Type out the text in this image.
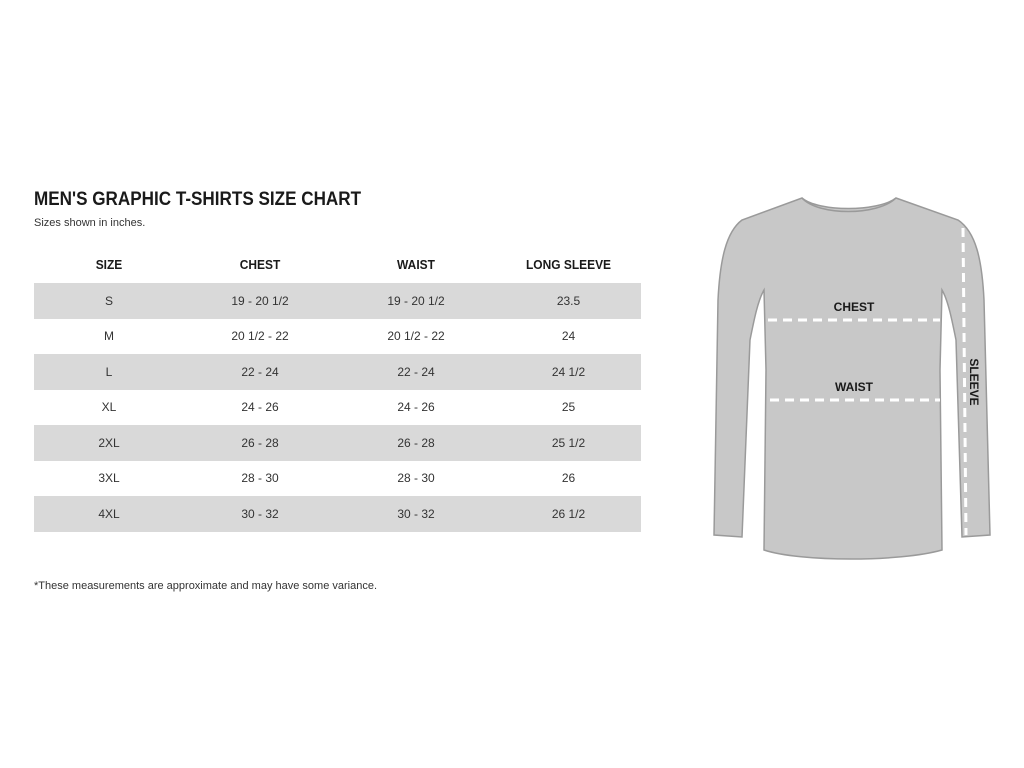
MEN'S GRAPHIC T-SHIRTS SIZE CHART
Sizes shown in inches.
SIZE	CHEST	WAIST	LONG SLEEVE
S	19 - 20 1/2	19 - 20 1/2	23.5
M	20 1/2 - 22	20 1/2 - 22	24
L	22 - 24	22 - 24	24 1/2
XL	24 - 26	24 - 26	25
2XL	26 - 28	26 - 28	25 1/2
3XL	28 - 30	28 - 30	26
4XL	30 - 32	30 - 32	26 1/2
*These measurements are approximate and may have some variance.
CHEST
WAIST	SLEEVE
